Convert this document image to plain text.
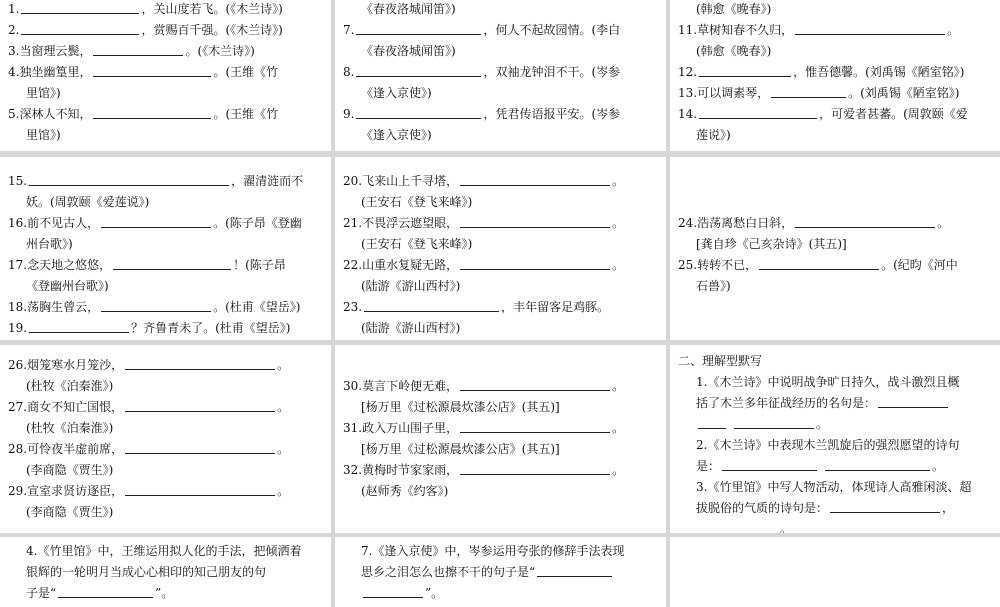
1.	，关山度若飞。(《木兰诗》)
2.	，赏赐百千强。(《木兰诗》)
3.当窗理云鬓，	。(《木兰诗》)
4.独坐幽篁里，	。(王维《竹
里馆》)
5.深林人不知，	。(王维《竹
里馆》)
《春夜洛城闻笛》)
7.	，何人不起故园情。(李白
《春夜洛城闻笛》)
8.	，双袖龙钟泪不干。(岑参
《逢入京使》)
9.	，凭君传语报平安。(岑参
《逢入京使》)
(韩愈《晚春》)
11.草树知春不久归，	。
(韩愈《晚春》)
12.	，惟吾德馨。(刘禹锡《陋室铭》)
13.可以调素琴，	。(刘禹锡《陋室铭》)
14.	，可爱者甚蕃。(周敦颐《爱
莲说》)
15.	，濯清涟而不
妖。(周敦颐《爱莲说》)
16.前不见古人，	。(陈子昂《登幽
州台歌》)
17.念天地之悠悠，	！(陈子昂
《登幽州台歌》)
18.荡胸生曾云，	。(杜甫《望岳》)
19.	？齐鲁青未了。(杜甫《望岳》)
20.飞来山上千寻塔，	。
(王安石《登飞来峰》)
21.不畏浮云遮望眼，	。
(王安石《登飞来峰》)
22.山重水复疑无路，	。
(陆游《游山西村》)
23.	，丰年留客足鸡豚。
(陆游《游山西村》)
24.浩荡离愁白日斜，	。
[龚自珍《己亥杂诗》(其五)]
25.转转不已，	。(纪昀《河中
石兽》)
26.烟笼寒水月笼沙，	。
(杜牧《泊秦淮》)
27.商女不知亡国恨，	。
(杜牧《泊秦淮》)
28.可怜夜半虚前席，	。
(李商隐《贾生》)
29.宣室求贤访逐臣，	。
(李商隐《贾生》)
30.莫言下岭便无难，	。
[杨万里《过松源晨炊漆公店》(其五)]
31.政入万山围子里，	。
[杨万里《过松源晨炊漆公店》(其五)]
32.黄梅时节家家雨，	。
(赵师秀《约客》)
二、理解型默写
1.《木兰诗》中说明战争旷日持久，战斗激烈且概
括了木兰多年征战经历的名句是：
。
2.《木兰诗》中表现木兰凯旋后的强烈愿望的诗句
是：	。
3.《竹里馆》中写人物活动，体现诗人高雅闲淡、超
拔脱俗的气质的诗句是：	，
。
4.《竹里馆》中，王维运用拟人化的手法，把倾洒着
银辉的一轮明月当成心心相印的知己朋友的句
子是“	”。
7.《逢入京使》中，岑参运用夸张的修辞手法表现
思乡之泪怎么也擦不干的句子是“
”。
